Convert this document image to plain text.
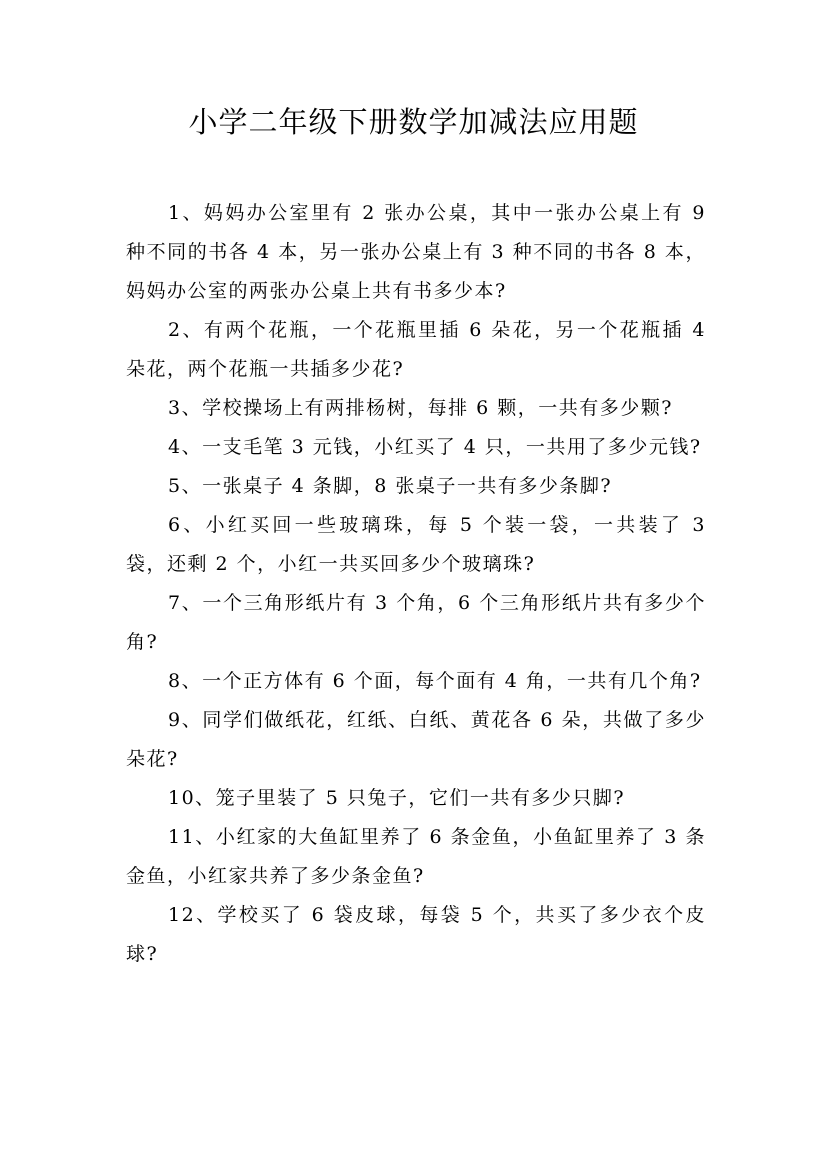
小学二年级下册数学加减法应用题

1、妈妈办公室里有 2 张办公桌，其中一张办公桌上有 9 种不同的书各 4 本，另一张办公桌上有 3 种不同的书各 8 本，妈妈办公室的两张办公桌上共有书多少本?

2、有两个花瓶，一个花瓶里插 6 朵花，另一个花瓶插 4 朵花，两个花瓶一共插多少花?

3、学校操场上有两排杨树，每排 6 颗，一共有多少颗?

4、一支毛笔 3 元钱，小红买了 4 只，一共用了多少元钱?

5、一张桌子 4 条脚，8 张桌子一共有多少条脚?

6、小红买回一些玻璃珠，每 5 个装一袋，一共装了 3 袋，还剩 2 个，小红一共买回多少个玻璃珠?

7、一个三角形纸片有 3 个角，6 个三角形纸片共有多少个角?

8、一个正方体有 6 个面，每个面有 4 角，一共有几个角?

9、同学们做纸花，红纸、白纸、黄花各 6 朵，共做了多少朵花?

10、笼子里装了 5 只兔子，它们一共有多少只脚?

11、小红家的大鱼缸里养了 6 条金鱼，小鱼缸里养了 3 条金鱼，小红家共养了多少条金鱼?

12、学校买了 6 袋皮球，每袋 5 个，共买了多少衣个皮球?
